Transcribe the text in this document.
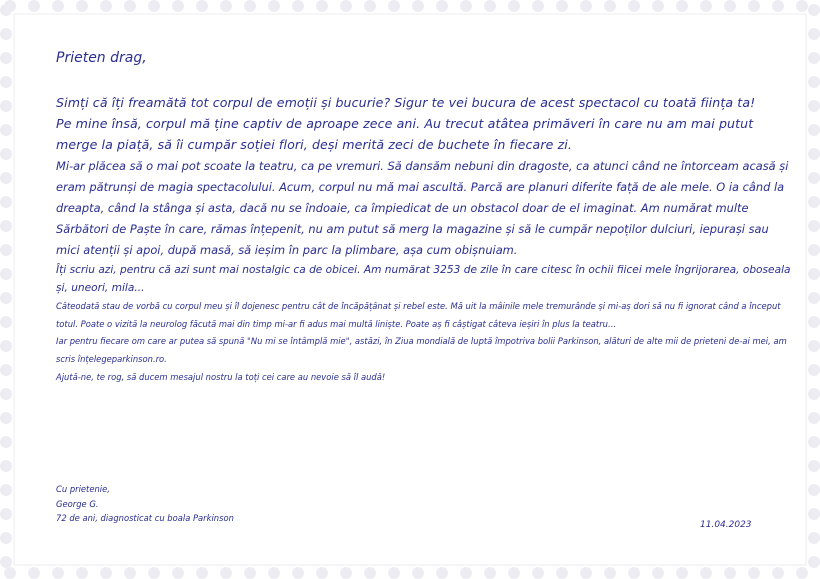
Prieten drag,

Simți că îți freamătă tot corpul de emoții și bucurie? Sigur te vei bucura de acest spectacol cu toată ființa ta!

Pe mine însă, corpul mă ține captiv de aproape zece ani. Au trecut atâtea primăveri în care nu am mai putut merge la piață, să îi cumpăr soției flori, deși merită zeci de buchete în fiecare zi.

Mi-ar plăcea să o mai pot scoate la teatru, ca pe vremuri. Să dansăm nebuni din dragoste, ca atunci când ne întorceam acasă și eram pătrunși de magia spectacolului. Acum, corpul nu mă mai ascultă. Parcă are planuri diferite față de ale mele. O ia când la dreapta, când la stânga și asta, dacă nu se îndoaie, ca împiedicat de un obstacol doar de el imaginat. Am numărat multe Sărbători de Paște în care, rămas înțepenit, nu am putut să merg la magazine și să le cumpăr nepoților dulciuri, iepurași sau mici atenții și apoi, după masă, să ieșim în parc la plimbare, așa cum obișnuiam.

Îți scriu azi, pentru că azi sunt mai nostalgic ca de obicei. Am numărat 3253 de zile în care citesc în ochii fiicei mele îngrijorarea, oboseala și, uneori, mila...

Câteodată stau de vorbă cu corpul meu și îl dojenesc pentru cât de încăpățânat și rebel este. Mă uit la mâinile mele tremurânde și mi-aș dori să nu fi ignorat când a început totul. Poate o vizită la neurolog făcută mai din timp mi-ar fi adus mai multă liniște. Poate aș fi câștigat câteva ieșiri în plus la teatru…

Iar pentru fiecare om care ar putea să spună "Nu mi se întâmplă mie", astăzi, în Ziua mondială de luptă împotriva bolii Parkinson, alături de alte mii de prieteni de-ai mei, am scris înțelegeparkinson.ro.

Ajută-ne, te rog, să ducem mesajul nostru la toți cei care au nevoie să îl audă!

Cu prietenie,
George G.
72 de ani, diagnosticat cu boala Parkinson
11.04.2023
